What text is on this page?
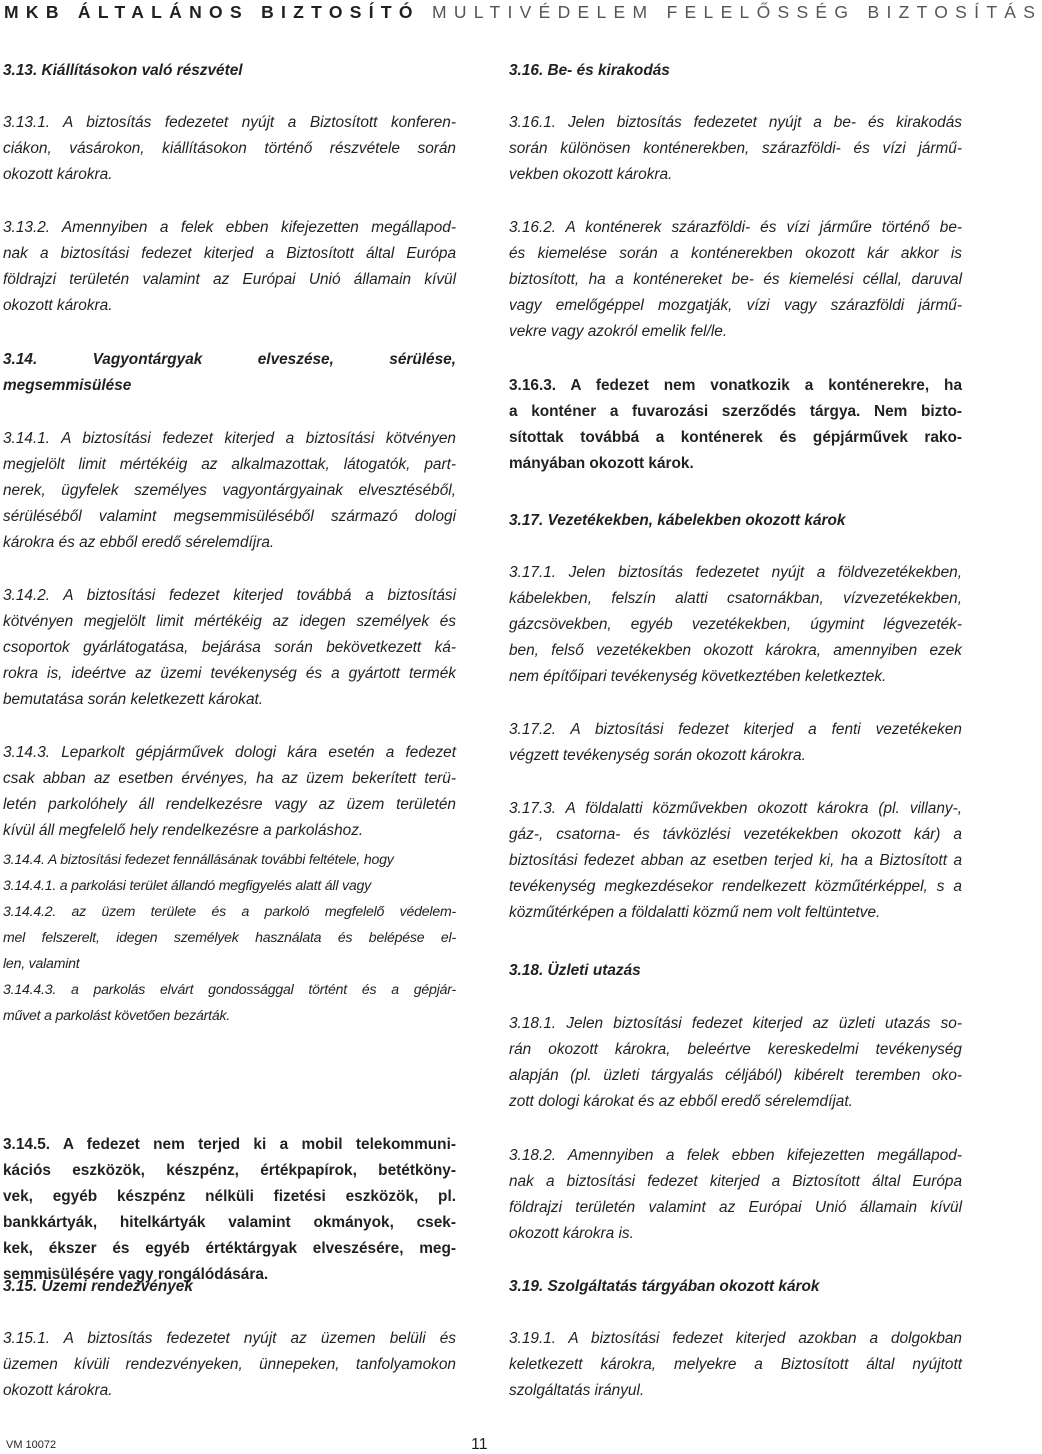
MKB ÁLTALÁNOS BIZTOSÍTÓ MULTIVÉDELEM FELELŐSSÉG BIZTOSÍTÁS
3.13. Kiállításokon való részvétel
3.13.1. A biztosítás fedezetet nyújt a Biztosított konferen-
ciákon, vásárokon, kiállításokon történő részvétele során
okozott károkra.
3.13.2. Amennyiben a felek ebben kifejezetten megállapod-
nak a biztosítási fedezet kiterjed a Biztosított által Európa
földrajzi területén valamint az Európai Unió államain kívül
okozott károkra.
3.14. Vagyontárgyak elveszése, sérülése,
megsemmisülése
3.14.1. A biztosítási fedezet kiterjed a biztosítási kötvényen
megjelölt limit mértékéig az alkalmazottak, látogatók, part-
nerek, ügyfelek személyes vagyontárgyainak elvesztéséből,
sérüléséből valamint megsemmisüléséből származó dologi
károkra és az ebből eredő sérelemdíjra.
3.14.2. A biztosítási fedezet kiterjed továbbá a biztosítási
kötvényen megjelölt limit mértékéig az idegen személyek és
csoportok gyárlátogatása, bejárása során bekövetkezett ká-
rokra is, ideértve az üzemi tevékenység és a gyártott termék
bemutatása során keletkezett károkat.
3.14.3. Leparkolt gépjárművek dologi kára esetén a fedezet
csak abban az esetben érvényes, ha az üzem bekerített terü-
letén parkolóhely áll rendelkezésre vagy az üzem területén
kívül áll megfelelő hely rendelkezésre a parkoláshoz.
3.14.4. A biztosítási fedezet fennállásának további feltétele, hogy
3.14.4.1. a parkolási terület állandó megfigyelés alatt áll vagy
3.14.4.2. az üzem területe és a parkoló megfelelő védelem-
mel felszerelt, idegen személyek használata és belépése el-
len, valamint
3.14.4.3. a parkolás elvárt gondossággal történt és a gépjár-
művet a parkolást követően bezárták.
3.14.5. A fedezet nem terjed ki a mobil telekommuni-
kációs eszközök, készpénz, értékpapírok, betétköny-
vek, egyéb készpénz nélküli fizetési eszközök, pl.
bankkártyák, hitelkártyák valamint okmányok, csek-
kek, ékszer és egyéb értéktárgyak elveszésére, meg-
semmisülésére vagy rongálódására.
3.15. Üzemi rendezvények
3.15.1. A biztosítás fedezetet nyújt az üzemen belüli és
üzemen kívüli rendezvényeken, ünnepeken, tanfolyamokon
okozott károkra.
3.16. Be- és kirakodás
3.16.1. Jelen biztosítás fedezetet nyújt a be- és kirakodás
során különösen konténerekben, szárazföldi- és vízi jármű-
vekben okozott károkra.
3.16.2. A konténerek szárazföldi- és vízi járműre történő be-
és kiemelése során a konténerekben okozott kár akkor is
biztosított, ha a konténereket be- és kiemelési céllal, daruval
vagy emelőgéppel mozgatják, vízi vagy szárazföldi jármű-
vekre vagy azokról emelik fel/le.
3.16.3. A fedezet nem vonatkozik a konténerekre, ha
a konténer a fuvarozási szerződés tárgya. Nem bizto-
sítottak továbbá a konténerek és gépjárművek rako-
mányában okozott károk.
3.17. Vezetékekben, kábelekben okozott károk
3.17.1. Jelen biztosítás fedezetet nyújt a földvezetékekben,
kábelekben, felszín alatti csatornákban, vízvezetékekben,
gázcsövekben, egyéb vezetékekben, úgymint légvezeték-
ben, felső vezetékekben okozott károkra, amennyiben ezek
nem építőipari tevékenység következtében keletkeztek.
3.17.2. A biztosítási fedezet kiterjed a fenti vezetékeken
végzett tevékenység során okozott károkra.
3.17.3. A földalatti közművekben okozott károkra (pl. villany-,
gáz-, csatorna- és távközlési vezetékekben okozott kár) a
biztosítási fedezet abban az esetben terjed ki, ha a Biztosított a
tevékenység megkezdésekor rendelkezett közműtérképpel, s a
közműtérképen a földalatti közmű nem volt feltüntetve.
3.18. Üzleti utazás
3.18.1. Jelen biztosítási fedezet kiterjed az üzleti utazás so-
rán okozott károkra, beleértve kereskedelmi tevékenység
alapján (pl. üzleti tárgyalás céljából) kibérelt teremben oko-
zott dologi károkat és az ebből eredő sérelemdíjat.
3.18.2. Amennyiben a felek ebben kifejezetten megállapod-
nak a biztosítási fedezet kiterjed a Biztosított által Európa
földrajzi területén valamint az Európai Unió államain kívül
okozott károkra is.
3.19. Szolgáltatás tárgyában okozott károk
3.19.1. A biztosítási fedezet kiterjed azokban a dolgokban
keletkezett károkra, melyekre a Biztosított által nyújtott
szolgáltatás irányul.
VM 10072	11
